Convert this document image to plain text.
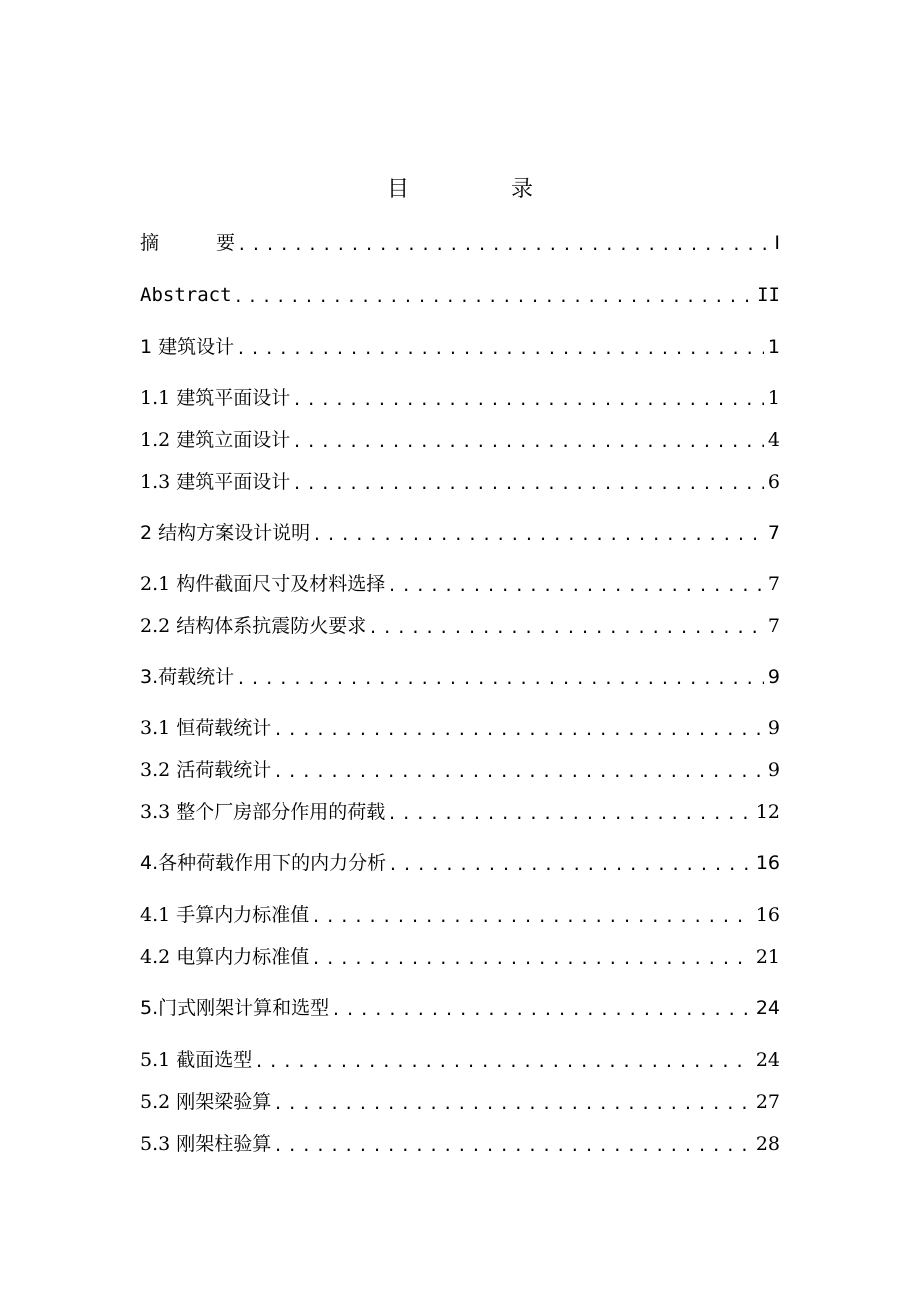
目　录
摘　　　要 .....	I
Abstract .....	II
1 建筑设计 .....	1
1.1 建筑平面设计 .....	1
1.2 建筑立面设计 .....	4
1.3 建筑平面设计 .....	6
2 结构方案设计说明 .....	7
2.1 构件截面尺寸及材料选择 .....	7
2.2 结构体系抗震防火要求 .....	7
3.荷载统计 .....	9
3.1 恒荷载统计 .....	9
3.2 活荷载统计 .....	9
3.3 整个厂房部分作用的荷载 .....	12
4.各种荷载作用下的内力分析 .....	16
4.1 手算内力标准值 .....	16
4.2 电算内力标准值 .....	21
5.门式刚架计算和选型 .....	24
5.1 截面选型 .....	24
5.2 刚架梁验算 .....	27
5.3 刚架柱验算 .....	28
